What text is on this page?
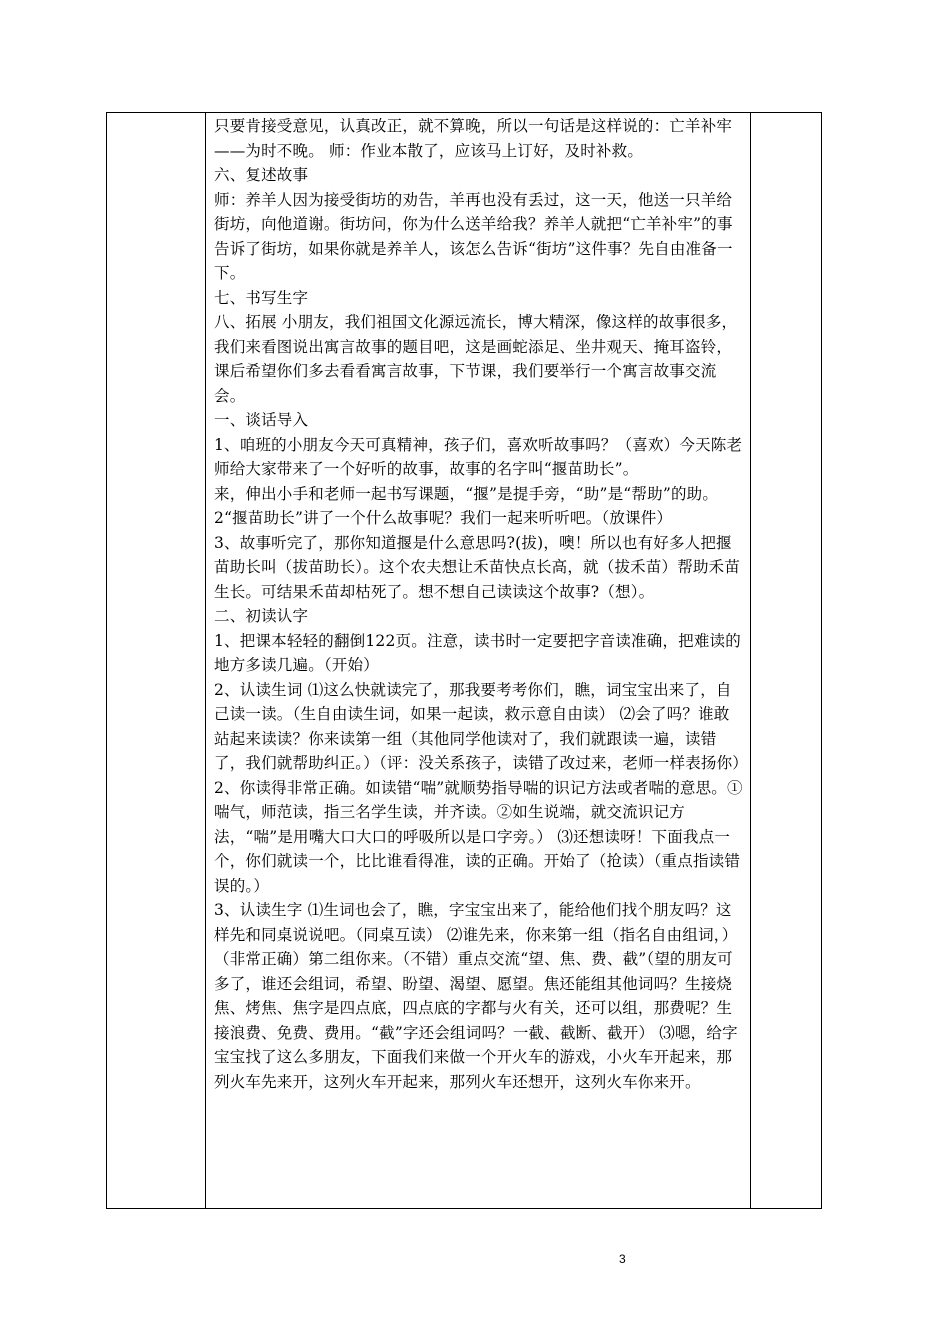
只要肯接受意见，认真改正，就不算晚，所以一句话是这样说的：亡羊补牢——为时不晚。 师：作业本散了，应该马上订好，及时补救。

六、复述故事

师：养羊人因为接受街坊的劝告，羊再也没有丢过，这一天，他送一只羊给街坊，向他道谢。街坊问，你为什么送羊给我？养羊人就把“亡羊补牢”的事告诉了街坊，如果你就是养羊人，该怎么告诉“街坊”这件事？先自由准备一下。

七、书写生字

八、拓展 小朋友，我们祖国文化源远流长，博大精深，像这样的故事很多，我们来看图说出寓言故事的题目吧，这是画蛇添足、坐井观天、掩耳盗铃，课后希望你们多去看看寓言故事，下节课，我们要举行一个寓言故事交流会。

一、谈话导入

1、咱班的小朋友今天可真精神，孩子们，喜欢听故事吗？（喜欢）今天陈老师给大家带来了一个好听的故事，故事的名字叫“揠苗助长”。

来，伸出小手和老师一起书写课题，“揠”是提手旁，“助”是“帮助”的助。

2“揠苗助长”讲了一个什么故事呢？我们一起来听听吧。（放课件）

3、故事听完了，那你知道揠是什么意思吗?(拔)，噢！所以也有好多人把揠苗助长叫（拔苗助长）。这个农夫想让禾苗快点长高，就（拔禾苗）帮助禾苗生长。可结果禾苗却枯死了。想不想自己读读这个故事?（想）。

二、初读认字

1、把课本轻轻的翻倒122页。注意，读书时一定要把字音读准确，把难读的地方多读几遍。（开始）

2、认读生词 ⑴这么快就读完了，那我要考考你们，瞧，词宝宝出来了，自己读一读。（生自由读生词，如果一起读，救示意自由读） ⑵会了吗？谁敢站起来读读？你来读第一组（其他同学他读对了，我们就跟读一遍，读错了，我们就帮助纠正。）（评：没关系孩子，读错了改过来，老师一样表扬你）

2、你读得非常正确。如读错“喘”就顺势指导喘的识记方法或者喘的意思。①喘气，师范读，指三名学生读，并齐读。②如生说端，就交流识记方法，“喘”是用嘴大口大口的呼吸所以是口字旁。） ⑶还想读呀！下面我点一个，你们就读一个，比比谁看得准，读的正确。开始了（抢读）（重点指读错误的。）

3、认读生字 ⑴生词也会了，瞧，字宝宝出来了，能给他们找个朋友吗？这样先和同桌说说吧。（同桌互读） ⑵谁先来，你来第一组（指名自由组词，）（非常正确）第二组你来。（不错）重点交流“望、焦、费、截”（望的朋友可多了，谁还会组词，希望、盼望、渴望、愿望。焦还能组其他词吗？生接烧焦、烤焦、焦字是四点底，四点底的字都与火有关，还可以组，那费呢？生接浪费、免费、费用。“截”字还会组词吗？一截、截断、截开） ⑶嗯，给字宝宝找了这么多朋友，下面我们来做一个开火车的游戏，小火车开起来，那列火车先来开，这列火车开起来，那列火车还想开，这列火车你来开。

3
